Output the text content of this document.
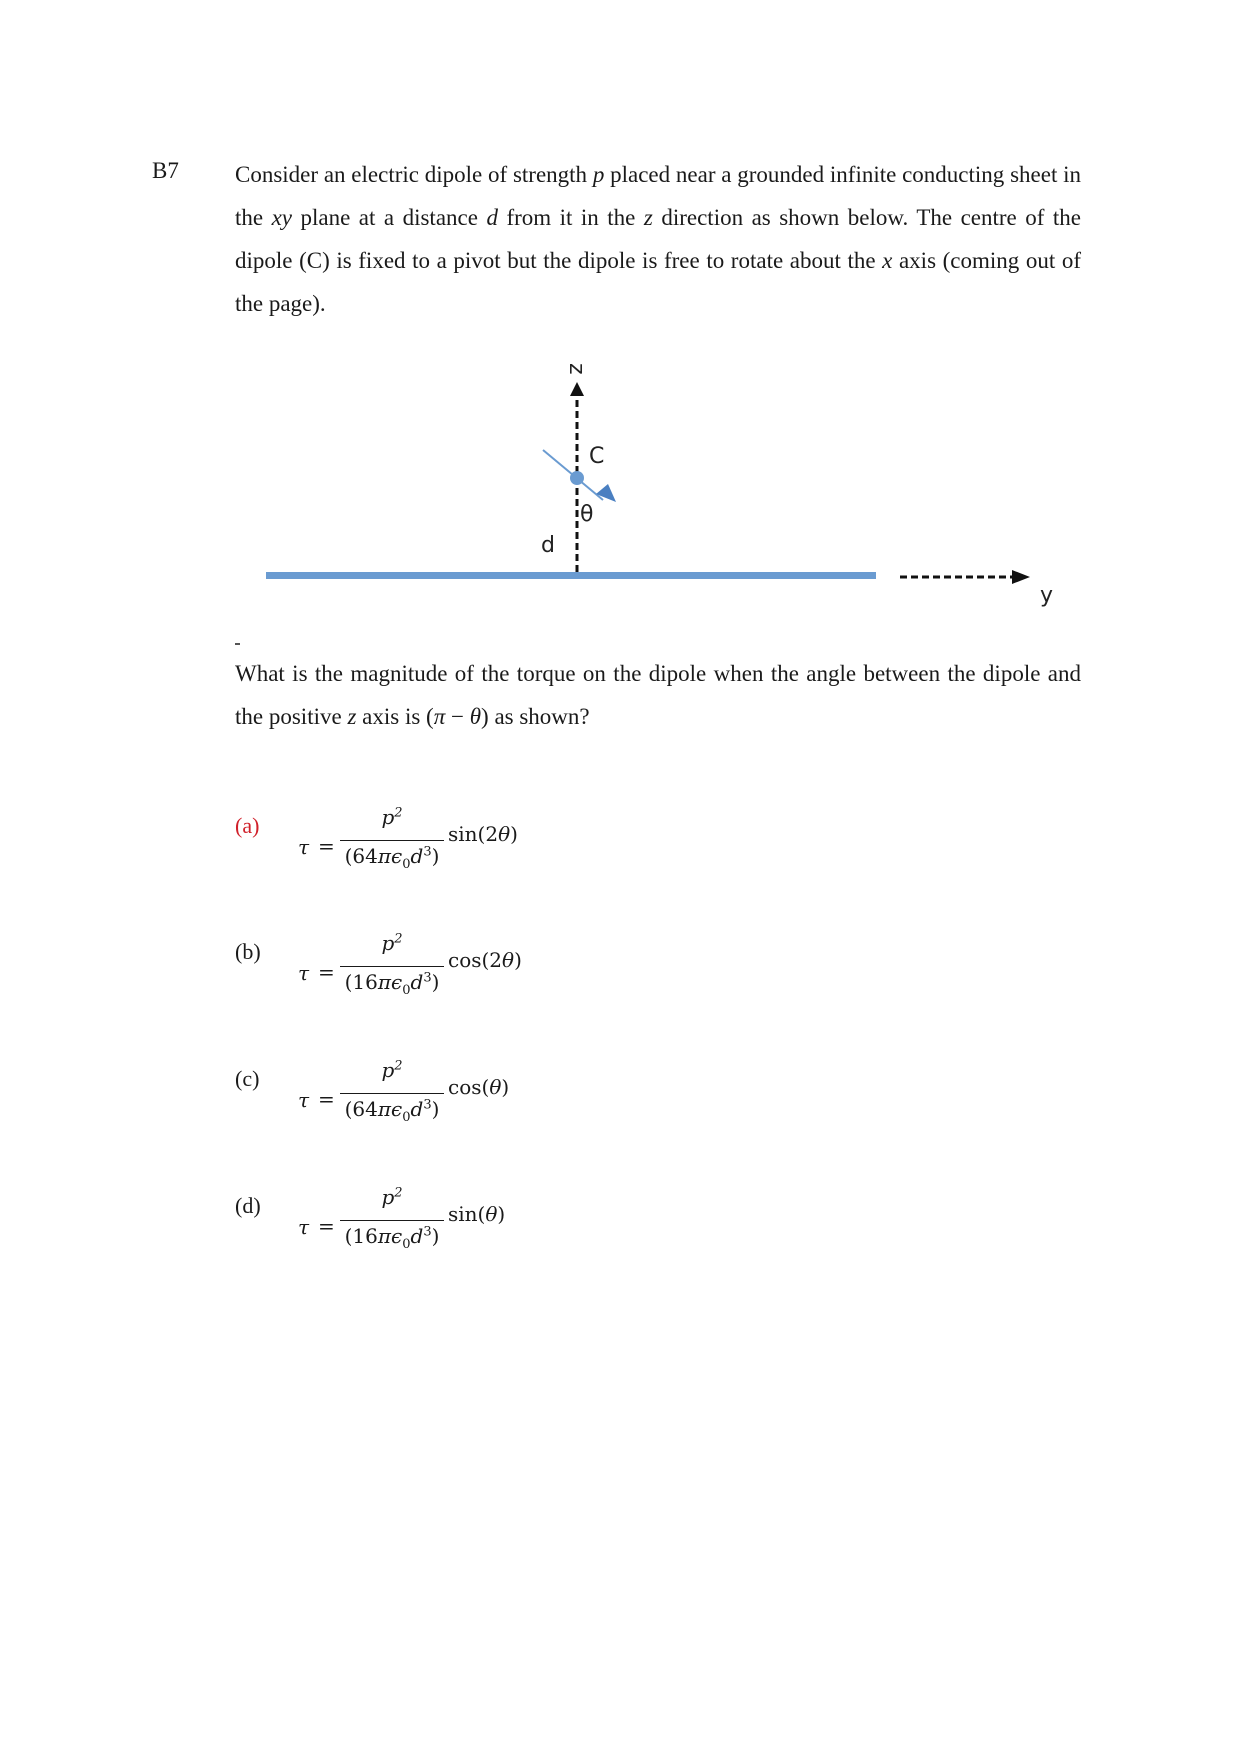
B7 Consider an electric dipole of strength p placed near a grounded infinite conducting sheet in the xy plane at a distance d from it in the z direction as shown below. The centre of the dipole (C) is fixed to a pivot but the dipole is free to rotate about the x axis (coming out of the page).
z
C
θ
d
y
What is the magnitude of the torque on the dipole when the angle between the dipole and the positive z axis is (π − θ) as shown?
(a)
τ =
$p^2$
$(64\pi\epsilon_0d^3)$
sin(2θ)
(b)
τ =
$p^2$
$(16\pi\epsilon_0d^3)$
cos(2θ)
(c)
τ =
$p^2$
$(64\pi\epsilon_0d^3)$
cos(θ)
(d)
τ =
$p^2$
$(16\pi\epsilon_0d^3)$
sin(θ)
